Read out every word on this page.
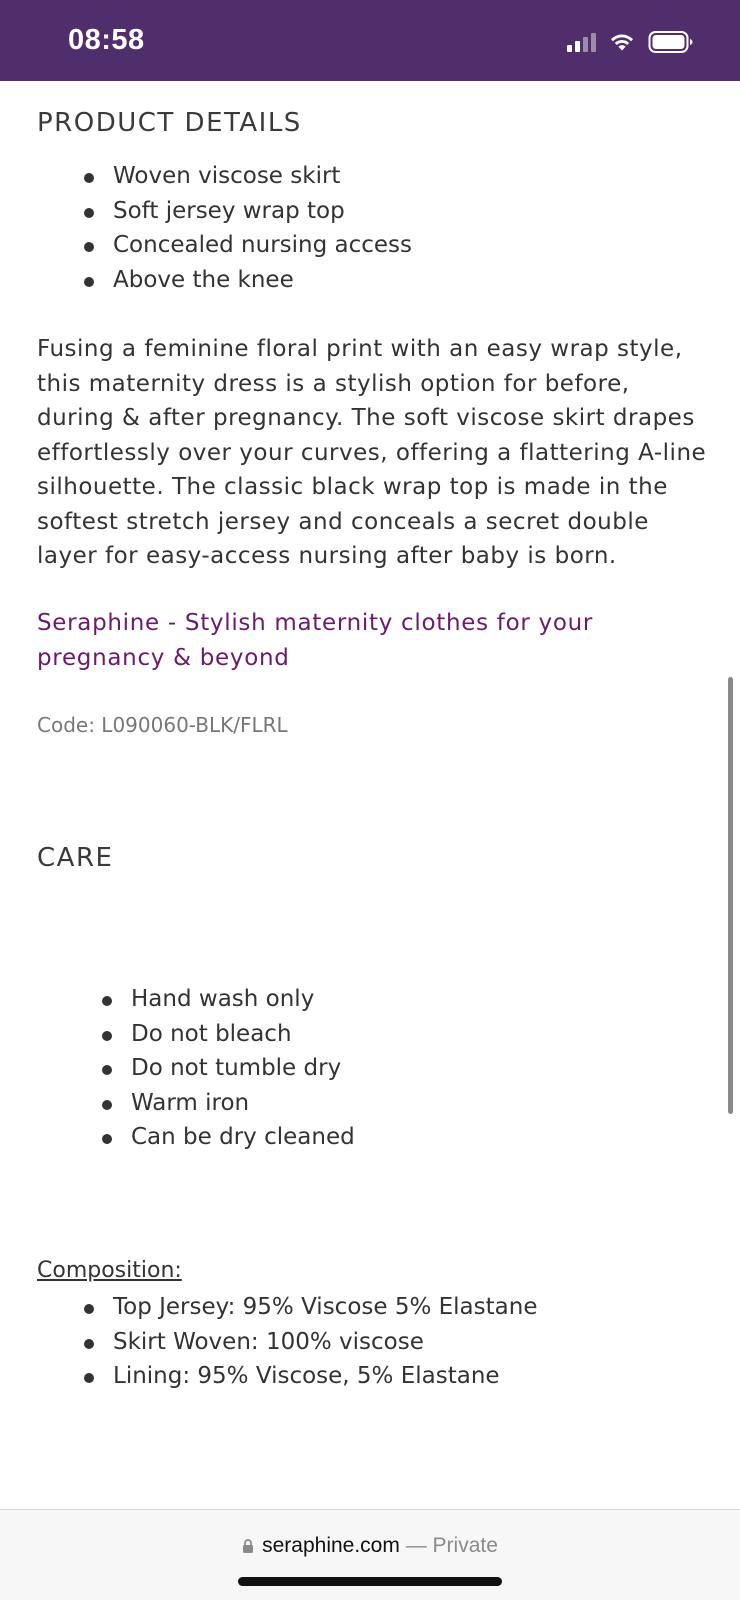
08:58
PRODUCT DETAILS
Woven viscose skirt
Soft jersey wrap top
Concealed nursing access
Above the knee
Fusing a feminine floral print with an easy wrap style, this maternity dress is a stylish option for before, during & after pregnancy. The soft viscose skirt drapes effortlessly over your curves, offering a flattering A-line silhouette. The classic black wrap top is made in the softest stretch jersey and conceals a secret double layer for easy-access nursing after baby is born.
Seraphine - Stylish maternity clothes for your pregnancy & beyond
Code: L090060-BLK/FLRL
CARE
Hand wash only
Do not bleach
Do not tumble dry
Warm iron
Can be dry cleaned
Composition:
Top Jersey: 95% Viscose 5% Elastane
Skirt Woven: 100% viscose
Lining: 95% Viscose, 5% Elastane
seraphine.com — Private
